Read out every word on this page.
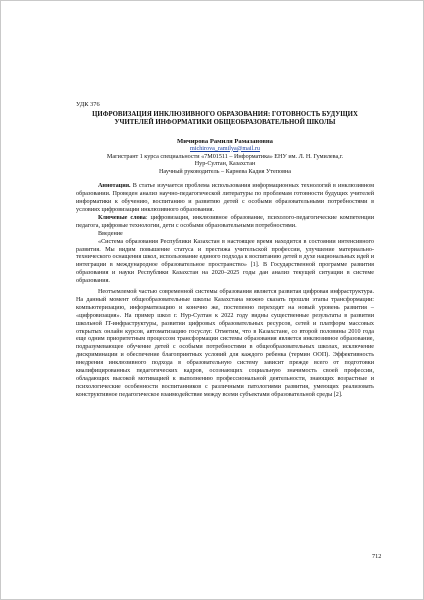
УДК 376
ЦИФРОВИЗАЦИЯ ИНКЛЮЗИВНОГО ОБРАЗОВАНИЯ: ГОТОВНОСТЬ БУДУЩИХ
УЧИТЕЛЕЙ ИНФОРМАТИКИ ОБЩЕОБРАЗОВАТЕЛЬНОЙ ШКОЛЫ
Мичирова Рамиля Рамазановна
michirova_ramilya@mail.ru
Магистрант 1 курса специальности «7М01511 – Информатика» ЕНУ им. Л. Н. Гумилева,г.
Нур-Султан, Казахстан
Научный руководитель – Карнева Кадия Утеповна
Аннотация. В статье изучается проблема использования информационных технологий в инклюзивном образовании. Проведен анализ научно-педагогической литературы по проблемам готовности будущих учителей информатики к обучению, воспитанию и развитию детей с особыми образовательными потребностями в условиях цифровизации инклюзивного образования.
Ключевые слова: цифровизация, инклюзивное образование, психолого-педагогические компетенции педагога, цифровые технологии, дети с особыми образовательными потребностями.
Введение
«Система образования Республики Казахстан в настоящее время находится в состоянии интенсивного развития. Мы видим повышение статуса и престижа учительской профессии, улучшение материально-технического оснащения школ, использование единого подхода к воспитанию детей в духе национальных идей и интеграции в международное образовательное пространство» [1]. В Государственной программе развития образования и науки Республики Казахстан на 2020–2025 годы дан анализ текущей ситуации в системе образования.
Неотъемлемой частью современной системы образования является развитая цифровая инфраструктура. На данный момент общеобразовательные школы Казахстана можно сказать прошли этапы трансформации: компьютеризацию, информатизацию и конечно же, постепенно переходят на новый уровень развития – «цифровизация». На пример школ г. Нур-Султан к 2022 году видны существенные результаты в развитии школьной IT-инфраструктуры, развитии цифровых образовательных ресурсов, сетей и платформ массовых открытых онлайн курсов, автоматизацию госуслуг. Отметим, что в Казахстане, со второй половины 2010 года еще одним приоритетным процессом трансформации системы образования является инклюзивное образование, подразумевающее обучение детей с особыми потребностями в общеобразовательных школах, исключение дискриминации и обеспечение благоприятных условий для каждого ребенка (термин ООП). Эффективность внедрения инклюзивного подхода в образовательную систему зависит прежде всего от подготовки квалифицированных педагогических кадров, осознающих социальную значимость своей профессии, обладающих высокой мотивацией к выполнению профессиональной деятельности, знающих возрастные и психологические особенности воспитанников с различными патологиями развития, умеющих реализовать конструктивное педагогическое взаимодействие между всеми субъектами образовательной среды [2].
712
